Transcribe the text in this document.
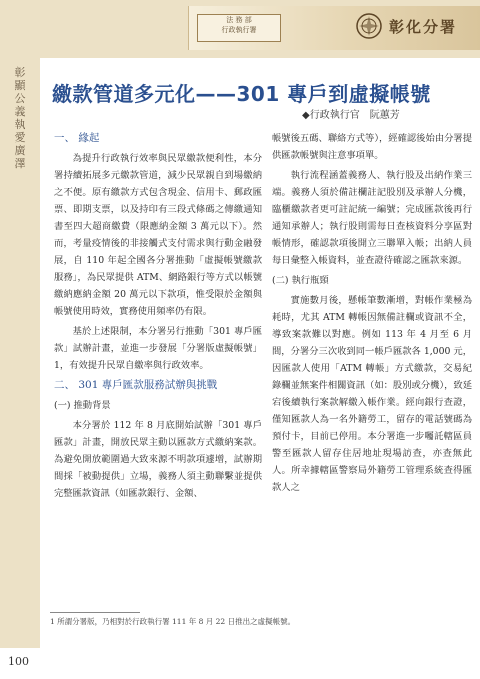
法 務 部
行政執行署	彰化分署
彰顯公義 執愛廣澤
繳款管道多元化——301 專戶到虛擬帳號
◆行政執行官　阮蕙芳

一、 緣起

為提升行政執行效率與民眾繳款便利性，本分署持續拓展多元繳款管道，減少民眾親自到場繳納之不便。原有繳款方式包含現金、信用卡、郵政匯票、即期支票，以及持印有三段式條碼之傳繳通知書至四大超商繳費（限應納金額 3 萬元以下）。然而，考量疫情後的非接觸式支付需求與行動金融發展，自 110 年起全國各分署推動「虛擬帳號繳款服務」，為民眾提供 ATM、網路銀行等方式以帳號繳納應納金額 20 萬元以下款項，惟受限於金額與帳號使用時效，實務使用頻率仍有限。

基於上述限制，本分署另行推動「301 專戶匯款」試辦計畫，並進一步發展「分署版虛擬帳號」1，有效提升民眾自繳率與行政效率。

二、 301 專戶匯款服務試辦與挑戰

(一) 推動背景

本分署於 112 年 8 月底開始試辦「301 專戶匯款」計畫，開放民眾主動以匯款方式繳納案款。為避免開放範圍過大致來源不明款項遽增，試辦期間採「被動提供」立場，義務人須主動聯繫並提供完整匯款資訊（如匯款銀行、金額、

帳號後五碼、聯絡方式等），經確認後始由分署提供匯款帳號與注意事項單。

執行流程涵蓋義務人、執行股及出納作業三端。義務人須於備註欄註記股別及承辦人分機，臨櫃繳款者更可註記統一編號；完成匯款後再行通知承辦人；執行股則需每日查核資料分享區對帳情形，確認款項後開立三聯單入帳；出納人員每日彙整入帳資料，並查證待確認之匯款來源。

(二) 執行瓶頸

實施數月後，懸帳筆數漸增，對帳作業極為耗時，尤其 ATM 轉帳因無備註欄或資訊不全，導致案款難以對應。例如 113 年 4 月至 6 月間，分署分三次收到同一帳戶匯款各 1,000 元，因匯款人使用「ATM 轉帳」方式繳款，交易紀錄欄並無案件相關資訊（如：股別或分機），致延宕後續執行案款解繳入帳作業。經向銀行查證，僅知匯款人為一名外籍勞工，留存的電話號碼為預付卡，目前已停用。本分署進一步囑託轄區員警至匯款人留存住居地址現場訪查，亦查無此人。所幸據轄區警察局外籍勞工管理系統查得匯款人之

1 所謂分署版，乃相對於行政執行署 111 年 8 月 22 日推出之虛擬帳號。
100
